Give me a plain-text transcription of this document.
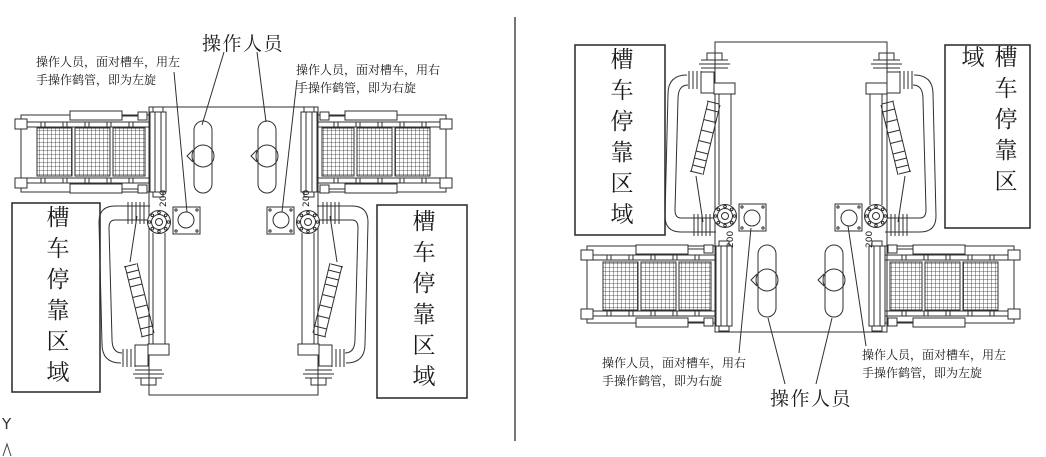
200	200
200	200
操作人员
操作人员，面对槽车，用左
手操作鹤管，即为左旋
操作人员，面对槽车，用右
手操作鹤管，即为右旋
槽车停靠区域	槽车停靠区域	操作人员，面对槽车，用右
手操作鹤管，即为右旋
操作人员，面对槽车，用左
手操作鹤管，即为左旋
操作人员
槽车停靠区域	槽车停靠区域
Y
